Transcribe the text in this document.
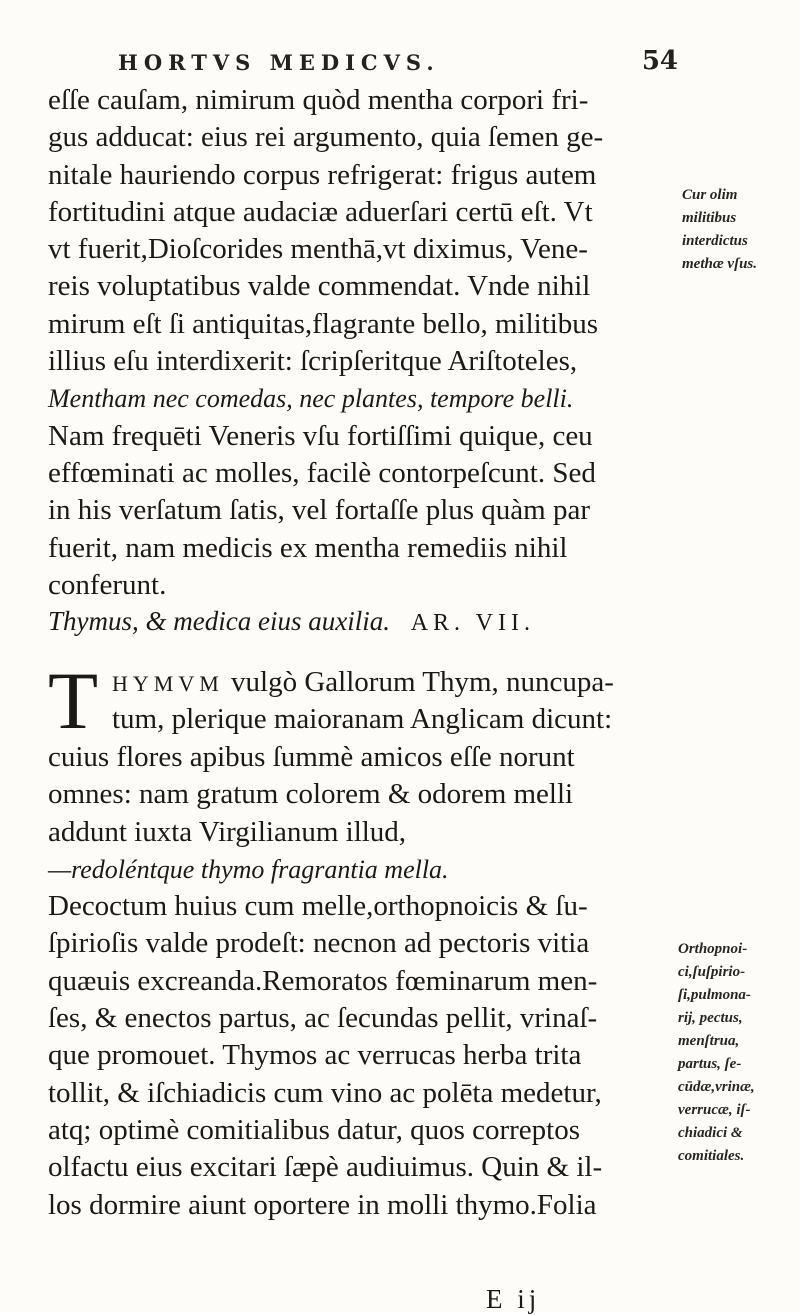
HORTVS MEDICVS.	54
eſſe cauſam, nimirum quòd mentha corpori fri-
gus adducat: eius rei argumento, quia ſemen ge-
nitale hauriendo corpus refrigerat: frigus autem
fortitudini atque audaciæ aduerſari certū eſt. Vt
vt fuerit,Dioſcorides menthā,vt diximus, Vene-
reis voluptatibus valde commendat. Vnde nihil
mirum eſt ſi antiquitas,flagrante bello, militibus
illius eſu interdixerit: ſcripſeritque Ariſtoteles,
Mentham nec comedas, nec plantes, tempore belli.
Nam frequēti Veneris vſu fortiſſimi quique, ceu
effœminati ac molles, facilè contorpeſcunt. Sed
in his verſatum ſatis, vel fortaſſe plus quàm par
fuerit, nam medicis ex mentha remediis nihil
conferunt.
Cur olim
militibus
interdictus
methæ vſus.
Thymus, & medica eius auxilia. AR. VII.
T HYMVM vulgò Gallorum Thym, nuncupa-
tum, plerique maioranam Anglicam dicunt:
cuius flores apibus ſummè amicos eſſe norunt
omnes: nam gratum colorem & odorem melli
addunt iuxta Virgilianum illud,
—redoléntque thymo fragrantia mella.
Decoctum huius cum melle,orthopnoicis & ſu-
ſpirioſis valde prodeſt: necnon ad pectoris vitia
quæuis excreanda.Remoratos fœminarum men-
ſes, & enectos partus, ac ſecundas pellit, vrinaſ-
que promouet. Thymos ac verrucas herba trita
tollit, & iſchiadicis cum vino ac polēta medetur,
atq; optimè comitialibus datur, quos correptos
olfactu eius excitari ſæpè audiuimus. Quin & il-
los dormire aiunt oportere in molli thymo.Folia
Orthopnoi-
ci,ſuſpirio-
ſi,pulmona-
rij, pectus,
menſtrua,
partus, ſe-
cūdæ,vrinæ,
verrucæ, iſ-
chiadici &
comitiales.
E ij
